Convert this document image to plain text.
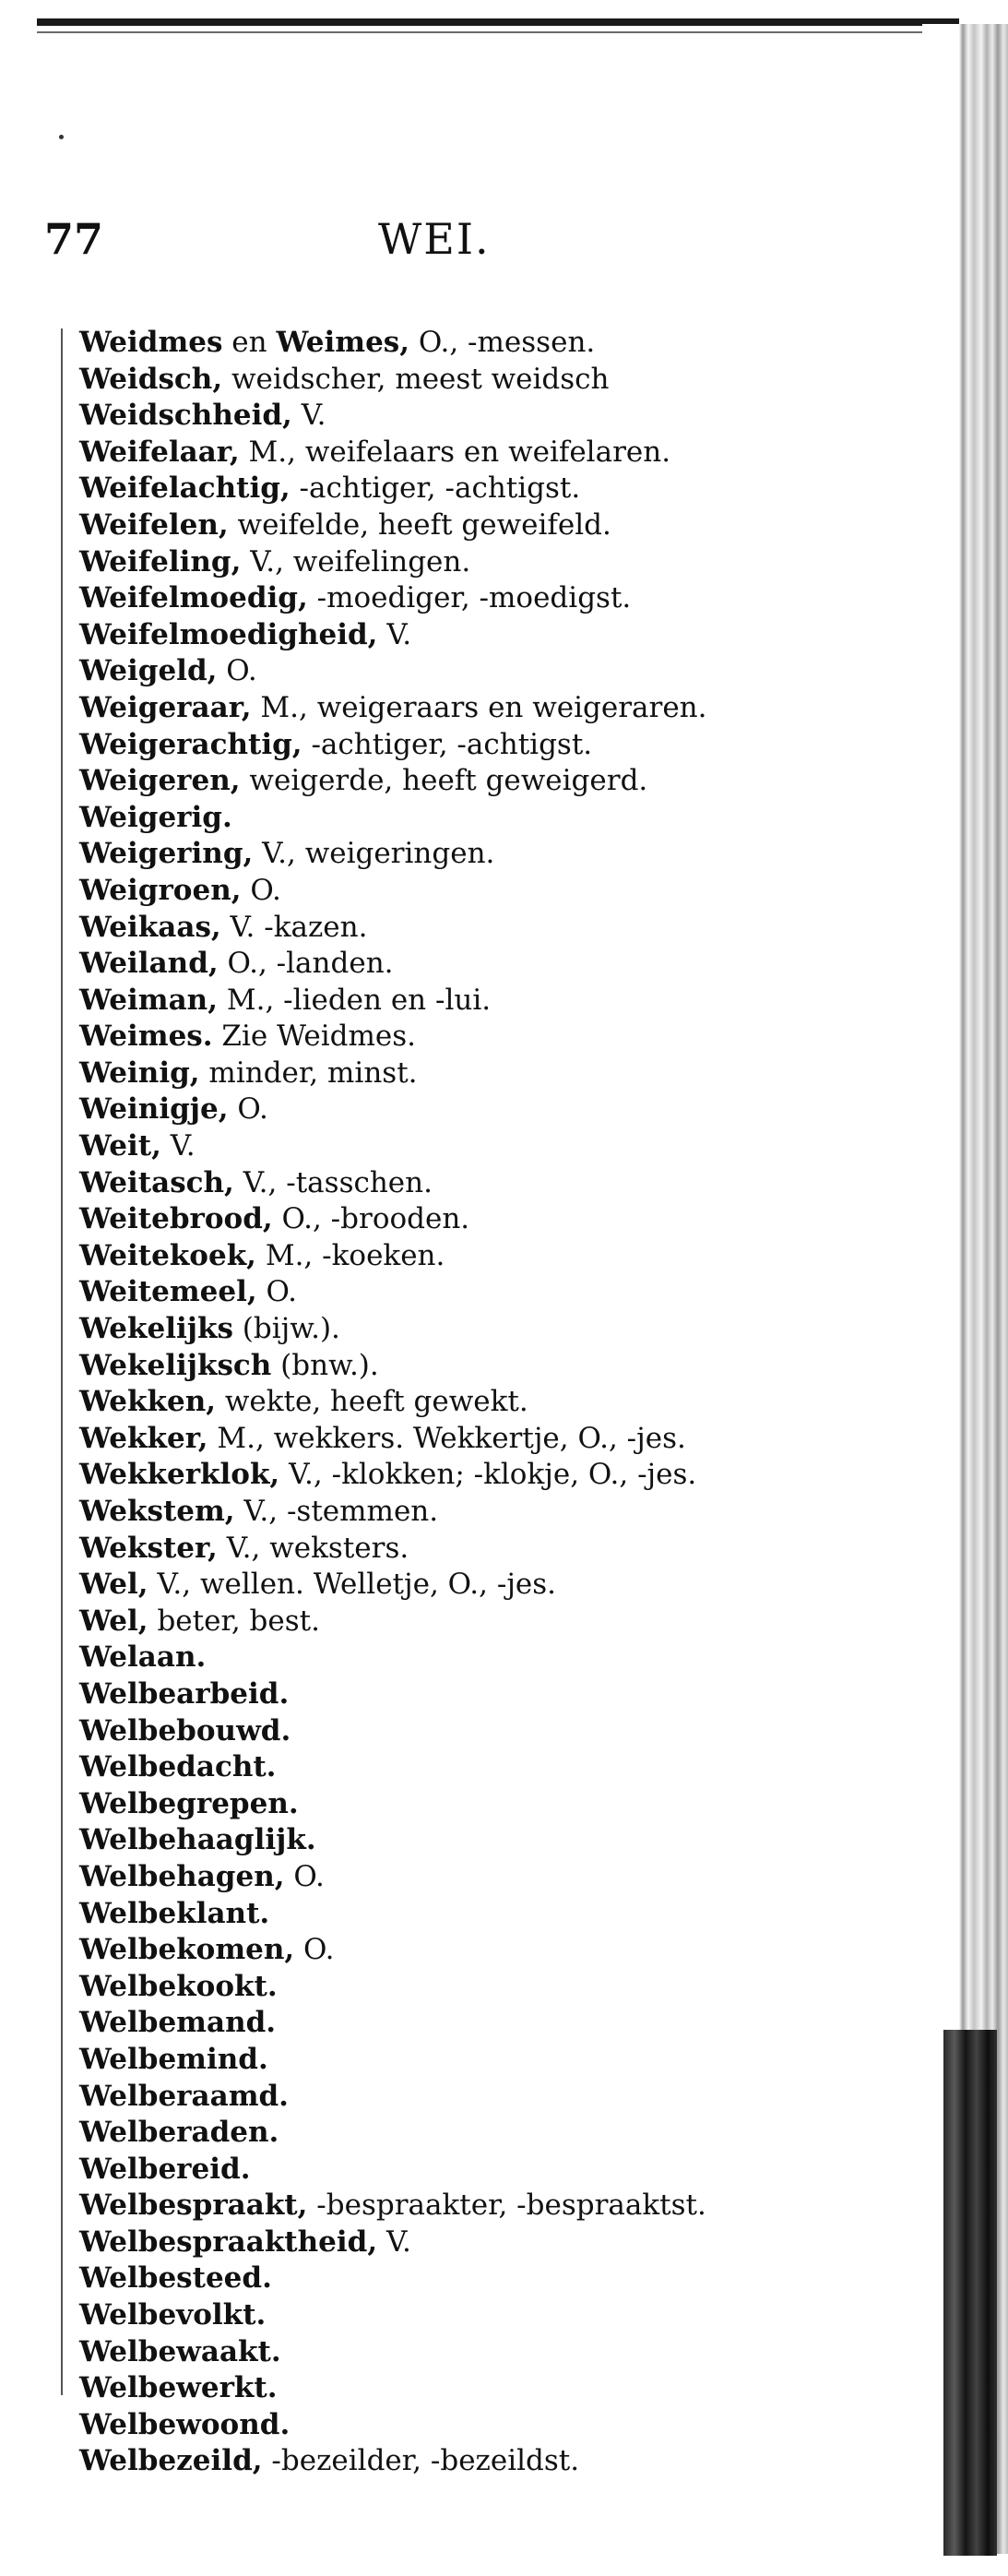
77	WEI.
Weidmes en Weimes, O., -messen.
Weidsch, weidscher, meest weidsch
Weidschheid, V.
Weifelaar, M., weifelaars en weifelaren.
Weifelachtig, -achtiger, -achtigst.
Weifelen, weifelde, heeft geweifeld.
Weifeling, V., weifelingen.
Weifelmoedig, -moediger, -moedigst.
Weifelmoedigheid, V.
Weigeld, O.
Weigeraar, M., weigeraars en weigeraren.
Weigerachtig, -achtiger, -achtigst.
Weigeren, weigerde, heeft geweigerd.
Weigerig.
Weigering, V., weigeringen.
Weigroen, O.
Weikaas, V. -kazen.
Weiland, O., -landen.
Weiman, M., -lieden en -lui.
Weimes. Zie Weidmes.
Weinig, minder, minst.
Weinigje, O.
Weit, V.
Weitasch, V., -tasschen.
Weitebrood, O., -brooden.
Weitekoek, M., -koeken.
Weitemeel, O.
Wekelijks (bijw.).
Wekelijksch (bnw.).
Wekken, wekte, heeft gewekt.
Wekker, M., wekkers. Wekkertje, O., -jes.
Wekkerklok, V., -klokken; -klokje, O., -jes.
Wekstem, V., -stemmen.
Wekster, V., weksters.
Wel, V., wellen. Welletje, O., -jes.
Wel, beter, best.
Welaan.
Welbearbeid.
Welbebouwd.
Welbedacht.
Welbegrepen.
Welbehaaglijk.
Welbehagen, O.
Welbeklant.
Welbekomen, O.
Welbekookt.
Welbemand.
Welbemind.
Welberaamd.
Welberaden.
Welbereid.
Welbespraakt, -bespraakter, -bespraaktst.
Welbespraaktheid, V.
Welbesteed.
Welbevolkt.
Welbewaakt.
Welbewerkt.
Welbewoond.
Welbezeild, -bezeilder, -bezeildst.
